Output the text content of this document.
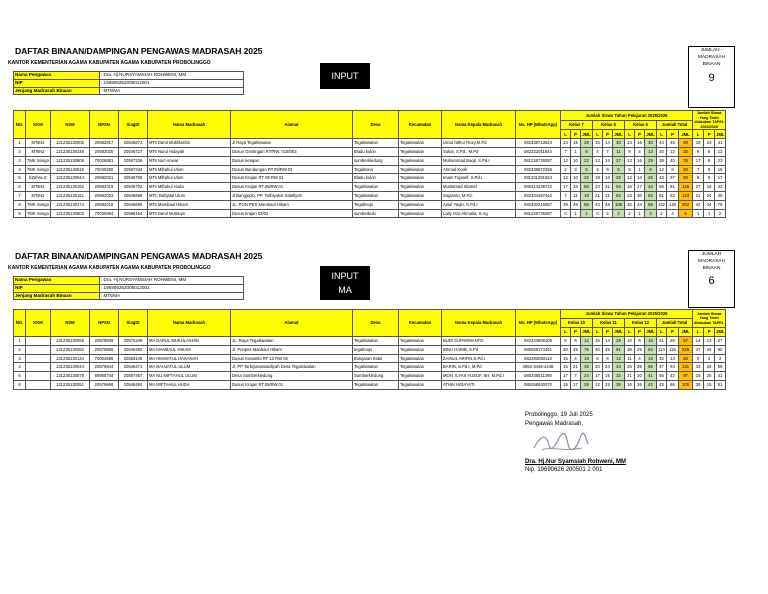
DAFTAR BINAAN/DAMPINGAN PENGAWAS MADRASAH 2025
KANTOR KEMENTERIAN AGAMA KABUPATEN AGAMA KABUPATEN PROBOLINGGO
Nama Pengawas	: Dra. Hj.NURSYAMSIAH ROHWENI, MM
NIP	: 196906262005012001
Jenjang Madrasah Binaan	: MTs/MA
INPUT
JUMLAH -
MADRASAH
BINAAN
9
NO.	KKM	NSM	NPSN	SiagID	Nama Madrasah	Alamat	Desa	Kecamatan	Nama Kepala Madrasah	No. HP (WhatsApp)	Jumlah Siswa Tahun Pelajaran 2025/2026												Jumlah Siswa Yang Telah dilakukan TAPEL 2024/2025		
											Kelas 7			Kelas 8			Kelas 9			Jumlah Total					
											L	P	JML	L	P	JML	L	P	JML	L	P	JML	L	P	JML
1	MTsN2	121235130005	20582817	20546672	MTs Darul Mukhlashin	Jl Raya Tegalsiwalan	Tegalsiwalan	Tegalsiwalan	Umar fathur Rozy,M.Pd	082338713624	14	15	29	16	14	30	14	16	30	44	45	89	18	23	41
2	MTsN2	121235130149	20582020	20546727	MTs Nurul Hidayah	Dusun Grintingan RT/RW. 018/003	Bladu kulon	Tegalsiwalan	Sukar, S.Pd., M.Pd	082332011644	7	1	8	4	7	11	9	4	13	20	12	32	6	6	12
3	7MK Songo	121235130806	70026881	20597236	MTs Nurl Anwar	Dusun kerajan	sumberkledung	Tegalsiwalan	Muhammad Baqir, S.Pd.I	081226739287	12	10	22	13	14	27	13	16	29	38	40	78	17	6	23
4	7MK Songo	121235130815	70040260	20597234	MTs Miftahul Ulum	Dusun Bandungan RT.09/RW.03	Tegalsono	Tegalsiwalan	Ahmad Kodir	082338872255	2	3	5	4	9	5	5	1	6	12	8	20	7	9	16
5	5Zahra.G	121235130044	20582021	20546709	MTs Miftahul Ulum	Dusun Krajan RT 06 RW 01	Bladu kulon	Tegalsiwalan	Imam Tujaarif, S.Pd.I	081231291624	12	10	22	19	13	32	12	14	26	43	37	80	8	9	17
6	MTsN2	121235130152	20582019	20546702	MTs Miftahul Huda	Dusun Krajan RT.05/RW.01	Tegalsiwalan	Tegalsiwalan	Mustamad Slamet	085314239722	17	33	50	23	31	54	15	27	42	55	91	146	27	15	42
7	MTsN2	121235130151	20582022	20546668	MTs. Bahjatul Ulum	Jl Bangjeplo, PP. Tarbiyatus Salafiyah	Tegalsiwalan	Tegalsiwalan	Sugianto, M.Pd.	082334487442	7	11	18	21	21	52	23	30	53	61	62	123	21	24	45
8	7MK Songo	121235130174	20582018	20546696	MTs Mambaul Hikam	JL. PON PES Mambaul Hikam	Tegalmojo	Tegalsiwalan	Ainul Yaqin, S.Pd.I	082330215087	39	46	85	43	48	108	32	34	66	132	130	262	42	34	76
9	7MK Songo	121235130803	70030894	20598154	MTs Darul Muttaqin	Dusun krajan 02/02	sumberbulu	Tegalsiwalan	Laily Izza Akmalia, S.Ag	081226739287	0	1	1	0	2	2	2	1	3	2	4	6	1	1	2
DAFTAR BINAAN/DAMPINGAN PENGAWAS MADRASAH 2025
KANTOR KEMENTERIAN AGAMA KABUPATEN AGAMA KABUPATEN PROBOLINGGO
Nama Pengawas	: Dra. Hj.NURSYAMSIAH ROHWENI, MM
NIP	: 196906262005012001
Jenjang Madrasah Binaan	: MTs/MA
INPUT
MA
JUMLAH
MADRASAH
BINAAN
6
NO.	KKM	NSM	NPSN	SiagID	Nama Madrasah	Alamat	Desa	Kecamatan	Nama Kepala Madrasah	No. HP (WhatsApp)	Jumlah Siswa Tahun Pelajaran 2025/2026												Jumlah Siswa Yang Telah dilakukan TAPEL		
											Kelas 10			Kelas 11			Kelas 12			Jumlah Total					
											L	P	JML	L	P	JML	L	P	JML	L	P	JML	L	P	JML
1		131235130055	20579849	20575349	MA DARUL MUKHLASHIN	JL. Raya Tegalsiwalan	Tegalsiwalan	Tegalsiwalan	BUDI SUPARMANTO	082333808109	6	6	12	15	14	29	10	6	16	31	26	57	14	13	27
2		131235130052	20579865	20546482	MA MANBAUL HIKAM	Jl. Ponpes Manbaul Hikam	tegalmojo	Tegalsiwalan	IBNU HABIB, S.Pd	085259174491	30	45	75	46	45	91	38	25	63	114	115	229	47	43	90
3		131235130134	70004586	20558145	MA HIKMATUL HASANAH	Dusun Kosambi RT 13 RW 02	Bulujaran Kidul	Tegalsiwalan	ZAINUL ARIFIN,S.Pd.I	082284083116	15	4	19	6	6	12	11	4	15	32	14	46	0	2	2
4		131235130044	20579844	20546471	MA BAHJATUL ULUM	Jl. PP Tarbiyatussalafiyah Desa Tegalsiwalan	Tegalsiwalan	Tegalsiwalan	BARIN, S.Pd.I, M.Pd	0852-3445-4448	15	21	36	20	24	34	26	39	65	47	84	131	33	26	59
5		131235130078	69955744	20597467	MA NU MIFTAHUL ULUM	Desa Sumberkledung	Sumberkledung	Tegalsiwalan	MOH. ILYAS YUSUF, SH, M.Pd.I	085335511290	17	7	24	17	15	32	21	20	41	55	42	97	16	25	41
6		131235130051	20579868	20546484	MA MIFTAHUL HUDA	Dusun Krajan RT.05/RW.01	Tegalsiwalan	Tegalsiwalan	ATHIK HIDAYATI	085258930070	15	17	28	12	23	35	16	26	42	43	66	105	36	15	51
Probolinggo, 19 Juli 2025
Pengawas Madrasah,
Dra. Hj.Nur Syamsiah Rohweni, MM
Nip. 19690626 200501 2 001
